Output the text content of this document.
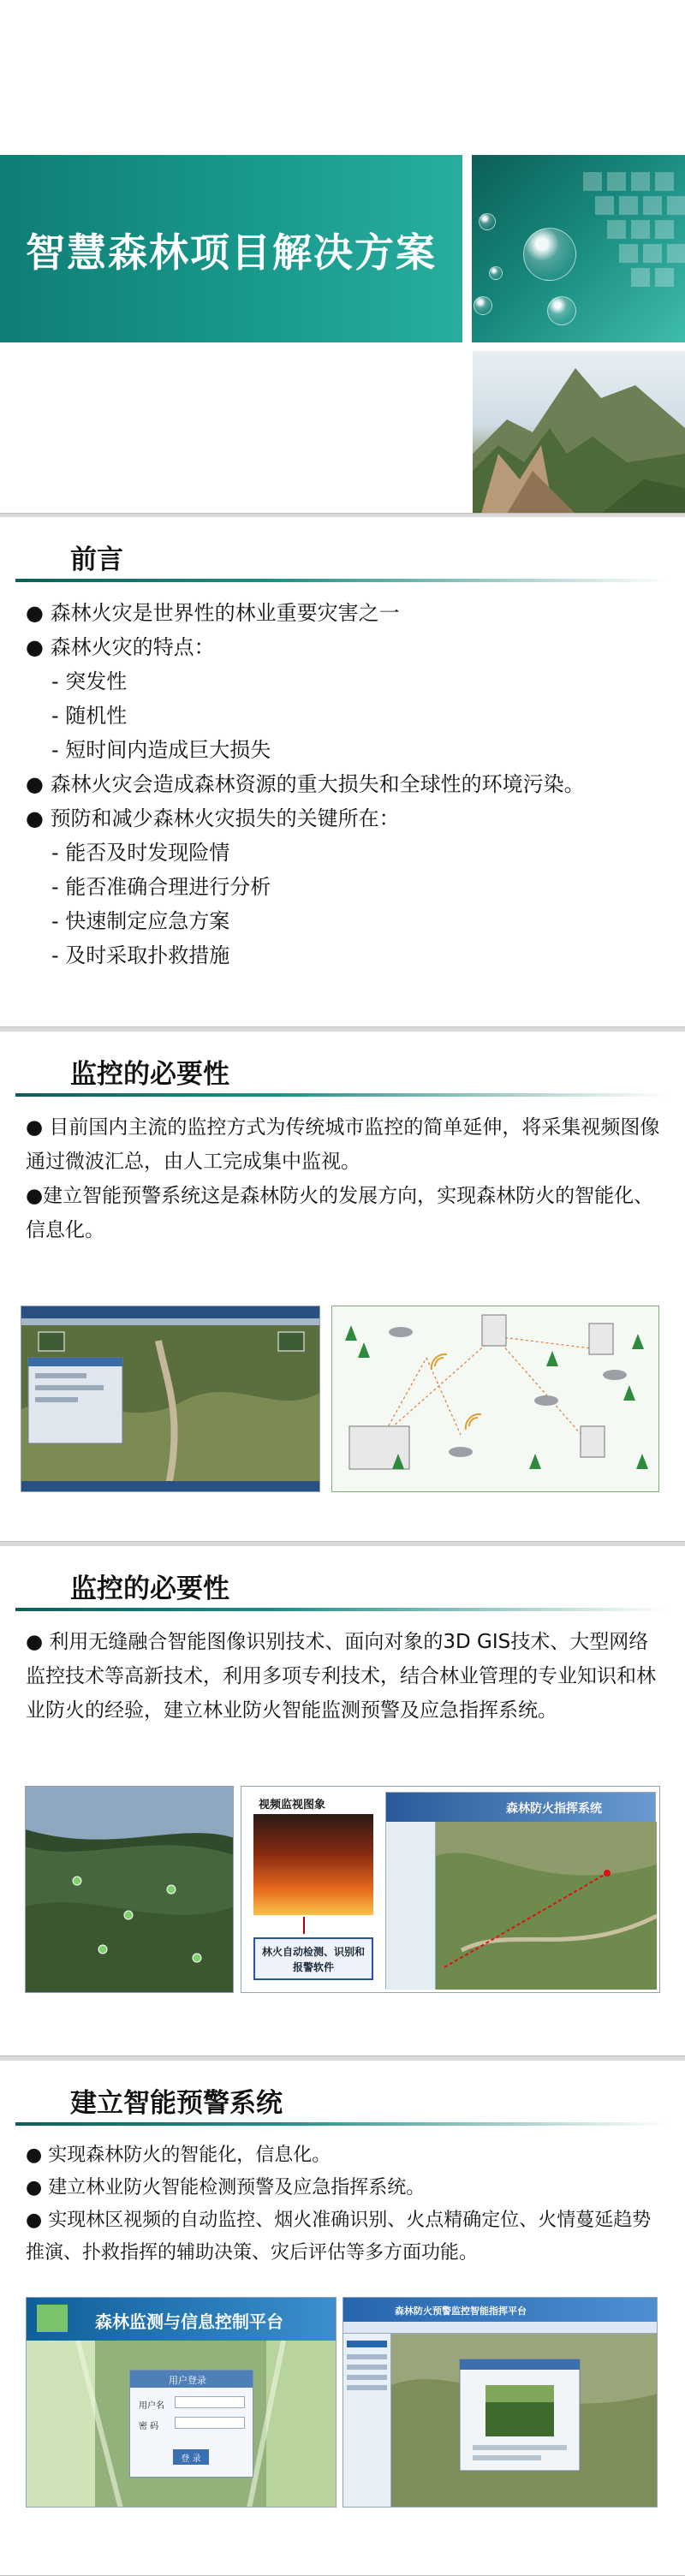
智慧森林项目解决方案
前言
● 森林火灾是世界性的林业重要灾害之一
● 森林火灾的特点：
- 突发性
- 随机性
- 短时间内造成巨大损失
● 森林火灾会造成森林资源的重大损失和全球性的环境污染。
● 预防和减少森林火灾损失的关键所在：
- 能否及时发现险情
- 能否准确合理进行分析
- 快速制定应急方案
- 及时采取扑救措施
监控的必要性
● 目前国内主流的监控方式为传统城市监控的简单延伸，将采集视频图像通过微波汇总，由人工完成集中监视。
●建立智能预警系统这是森林防火的发展方向，实现森林防火的智能化、信息化。
监控的必要性
● 利用无缝融合智能图像识别技术、面向对象的3D GIS技术、大型网络监控技术等高新技术，利用多项专利技术，结合林业管理的专业知识和林业防火的经验，建立林业防火智能监测预警及应急指挥系统。
视频监视图象
林火自动检测、识别和报警软件
森林防火指挥系统
建立智能预警系统
● 实现森林防火的智能化，信息化。
● 建立林业防火智能检测预警及应急指挥系统。
● 实现林区视频的自动监控、烟火准确识别、火点精确定位、火情蔓延趋势推演、扑救指挥的辅助决策、灾后评估等多方面功能。
森林监测与信息控制平台
用户登录
用户名
密 码
登 录
森林防火预警监控智能指挥平台
